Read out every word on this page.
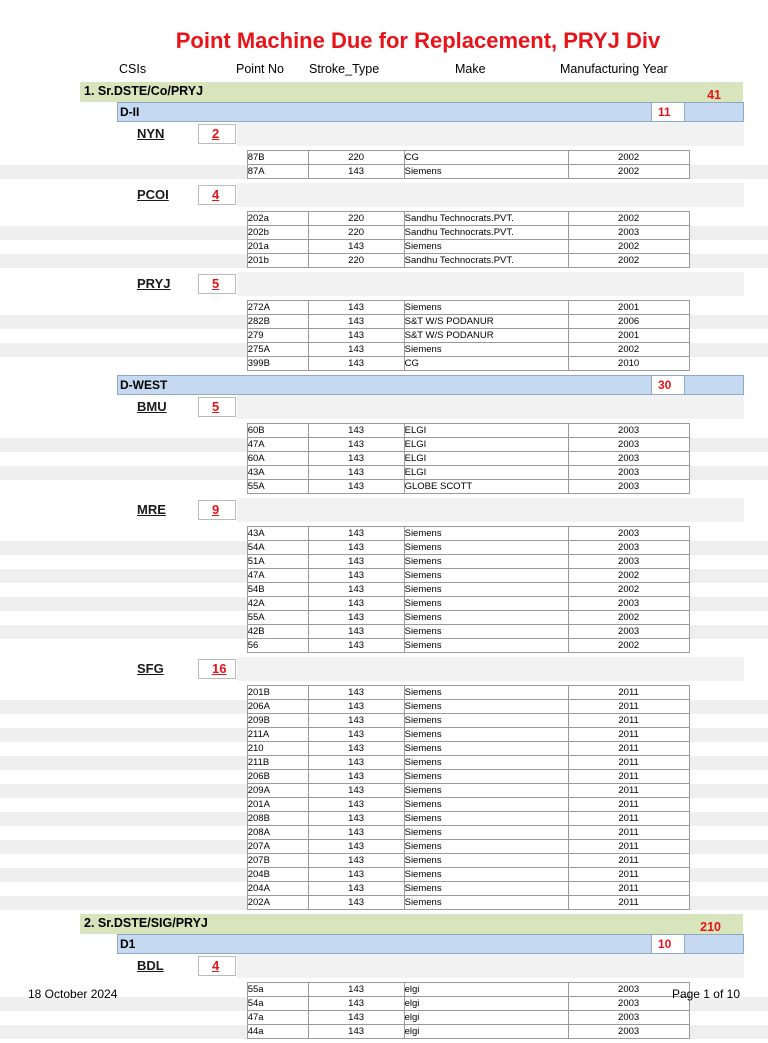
Point Machine Due for Replacement, PRYJ Div
CSIs	Point No Stroke_Type	Make	Manufacturing Year
1. Sr.DSTE/Co/PRYJ	41
D-II	11
NYN	2
	87B	220	CG	2002	
	87A	143	Siemens	2002	
PCOI	4
	202a	220	Sandhu Technocrats.PVT.	2002	
	202b	220	Sandhu Technocrats.PVT.	2003	
	201a	143	Siemens	2002	
	201b	220	Sandhu Technocrats.PVT.	2002	
PRYJ	5
	272A	143	Siemens	2001	
	282B	143	S&T W/S PODANUR	2006	
	279	143	S&T W/S PODANUR	2001	
	275A	143	Siemens	2002	
	399B	143	CG	2010	
D-WEST	30
BMU	5
	60B	143	ELGI	2003	
	47A	143	ELGI	2003	
	60A	143	ELGI	2003	
	43A	143	ELGI	2003	
	55A	143	GLOBE SCOTT	2003	
MRE	9
	43A	143	Siemens	2003	
	54A	143	Siemens	2003	
	51A	143	Siemens	2003	
	47A	143	Siemens	2002	
	54B	143	Siemens	2002	
	42A	143	Siemens	2003	
	55A	143	Siemens	2002	
	42B	143	Siemens	2003	
	56	143	Siemens	2002	
SFG	16
	201B	143	Siemens	2011	
	206A	143	Siemens	2011	
	209B	143	Siemens	2011	
	211A	143	Siemens	2011	
	210	143	Siemens	2011	
	211B	143	Siemens	2011	
	206B	143	Siemens	2011	
	209A	143	Siemens	2011	
	201A	143	Siemens	2011	
	208B	143	Siemens	2011	
	208A	143	Siemens	2011	
	207A	143	Siemens	2011	
	207B	143	Siemens	2011	
	204B	143	Siemens	2011	
	204A	143	Siemens	2011	
	202A	143	Siemens	2011	
2. Sr.DSTE/SIG/PRYJ	210
D1	10
BDL	4
	55a	143	elgi	2003	
	54a	143	elgi	2003	
	47a	143	elgi	2003	
	44a	143	elgi	2003	
18 October 2024	Page 1 of 10
